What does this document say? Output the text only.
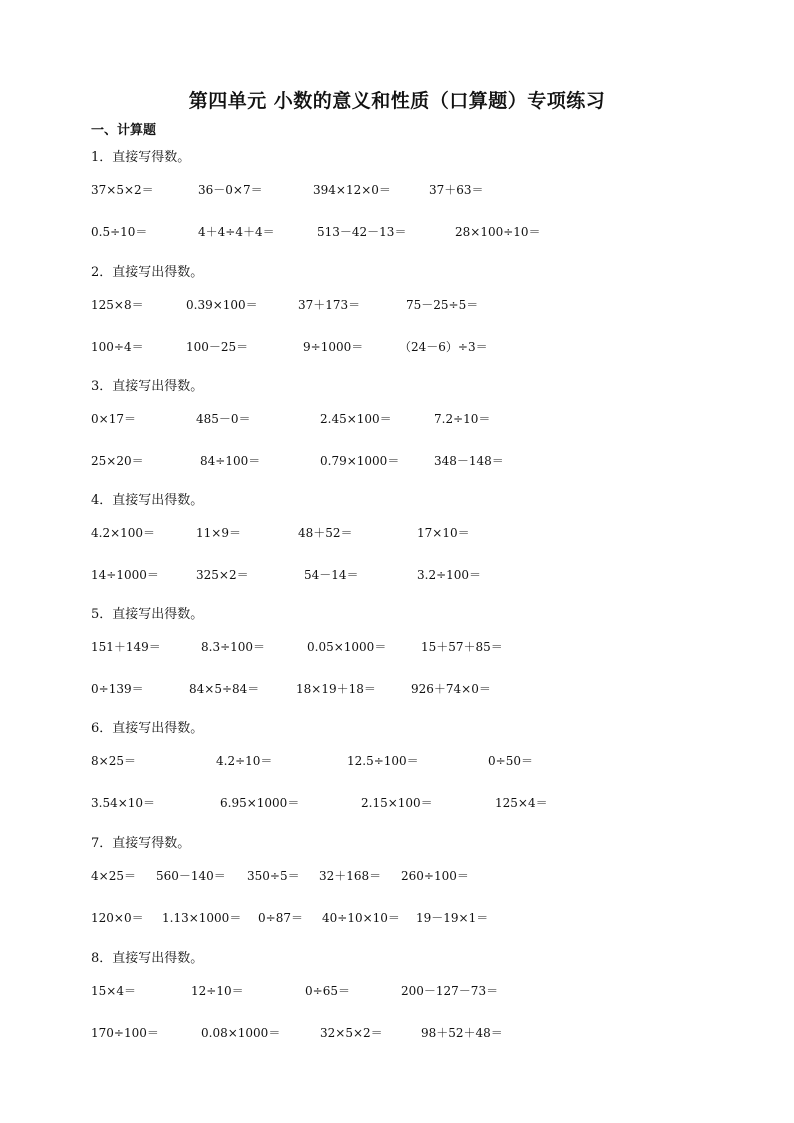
第四单元 小数的意义和性质（口算题）专项练习
一、计算题
1．直接写得数。
37×5×2＝	36－0×7＝	394×12×0＝	37＋63＝
0.5÷10＝	4＋4÷4＋4＝	513－42－13＝	28×100÷10＝
2．直接写出得数。
125×8＝	0.39×100＝	37＋173＝	75－25÷5＝
100÷4＝	100－25＝	9÷1000＝	（24－6）÷3＝
3．直接写出得数。
0×17＝	485－0＝	2.45×100＝	7.2÷10＝
25×20＝	84÷100＝	0.79×1000＝	348－148＝
4．直接写出得数。
4.2×100＝	11×9＝	48＋52＝	17×10＝
14÷1000＝	325×2＝	54－14＝	3.2÷100＝
5．直接写出得数。
151＋149＝	8.3÷100＝	0.05×1000＝	15＋57＋85＝
0÷139＝	84×5÷84＝	18×19＋18＝	926＋74×0＝
6．直接写出得数。
8×25＝	4.2÷10＝	12.5÷100＝	0÷50＝
3.54×10＝	6.95×1000＝	2.15×100＝	125×4＝
7．直接写得数。
4×25＝ 560－140＝ 350÷5＝ 32＋168＝ 260÷100＝
120×0＝ 1.13×1000＝ 0÷87＝ 40÷10×10＝ 19－19×1＝
8．直接写出得数。
15×4＝	12÷10＝	0÷65＝	200－127－73＝
170÷100＝	0.08×1000＝	32×5×2＝	98＋52＋48＝
